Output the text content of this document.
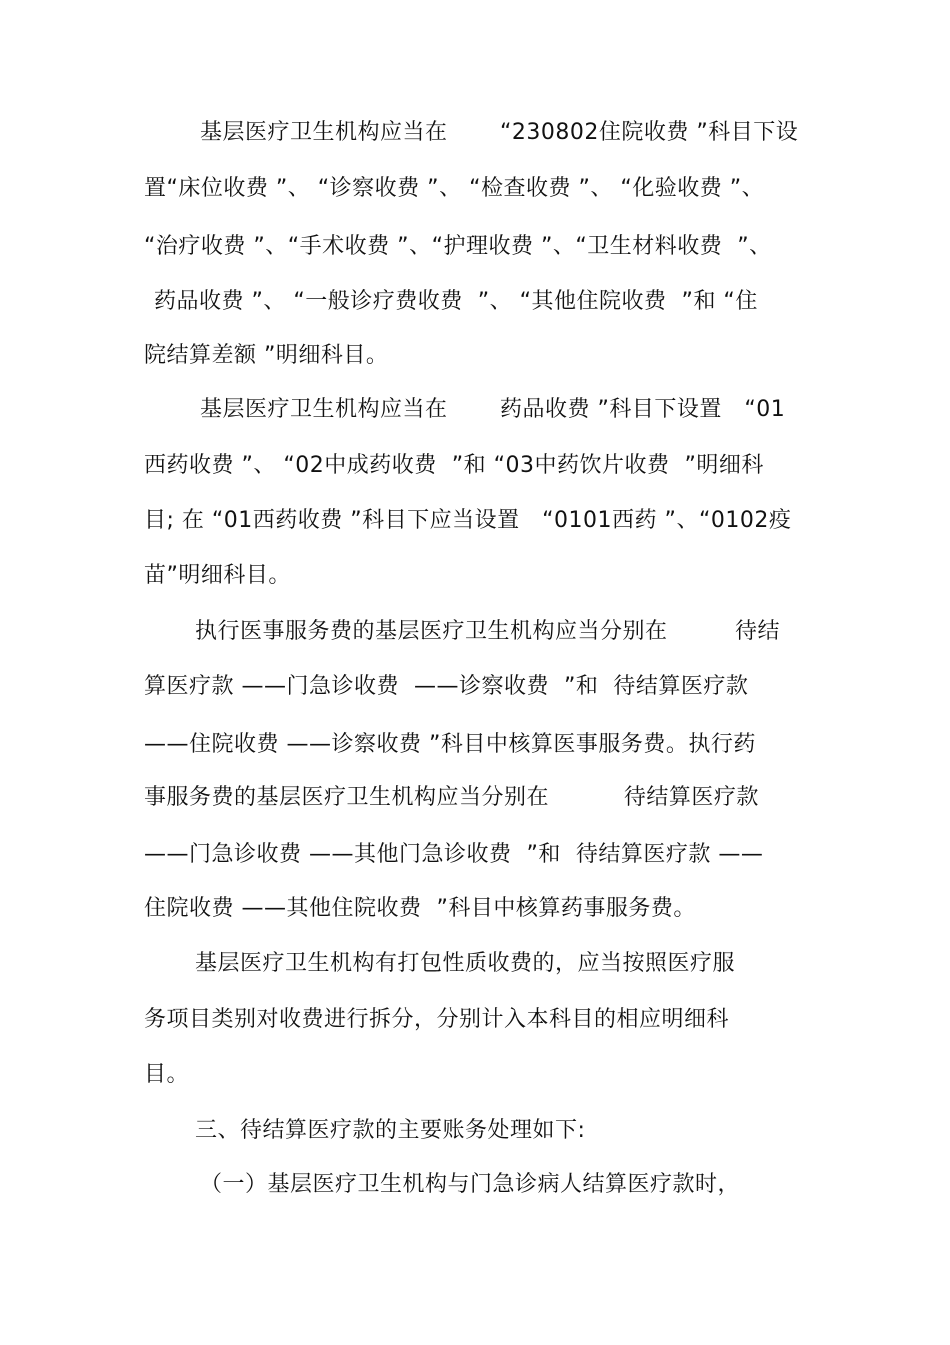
基层医疗卫生机构应当在       “230802住院收费 ”科目下设
置“床位收费 ”、 “诊察收费 ”、 “检查收费 ”、 “化验收费 ”、
“治疗收费 ”、“手术收费 ”、“护理收费 ”、“卫生材料收费  ”、
药品收费 ”、 “一般诊疗费收费  ”、 “其他住院收费  ”和 “住
院结算差额 ”明细科目。
基层医疗卫生机构应当在       药品收费 ”科目下设置   “01
西药收费 ”、 “02中成药收费  ”和 “03中药饮片收费  ”明细科
目; 在 “01西药收费 ”科目下应当设置   “0101西药 ”、“0102疫
苗”明细科目。
执行医事服务费的基层医疗卫生机构应当分别在         待结
算医疗款 ——门急诊收费  ——诊察收费  ”和  待结算医疗款
——住院收费 ——诊察收费 ”科目中核算医事服务费。执行药
事服务费的基层医疗卫生机构应当分别在          待结算医疗款
——门急诊收费 ——其他门急诊收费  ”和  待结算医疗款 ——
住院收费 ——其他住院收费  ”科目中核算药事服务费。
基层医疗卫生机构有打包性质收费的，应当按照医疗服
务项目类别对收费进行拆分，分别计入本科目的相应明细科
目。
三、待结算医疗款的主要账务处理如下:
（一）基层医疗卫生机构与门急诊病人结算医疗款时，
